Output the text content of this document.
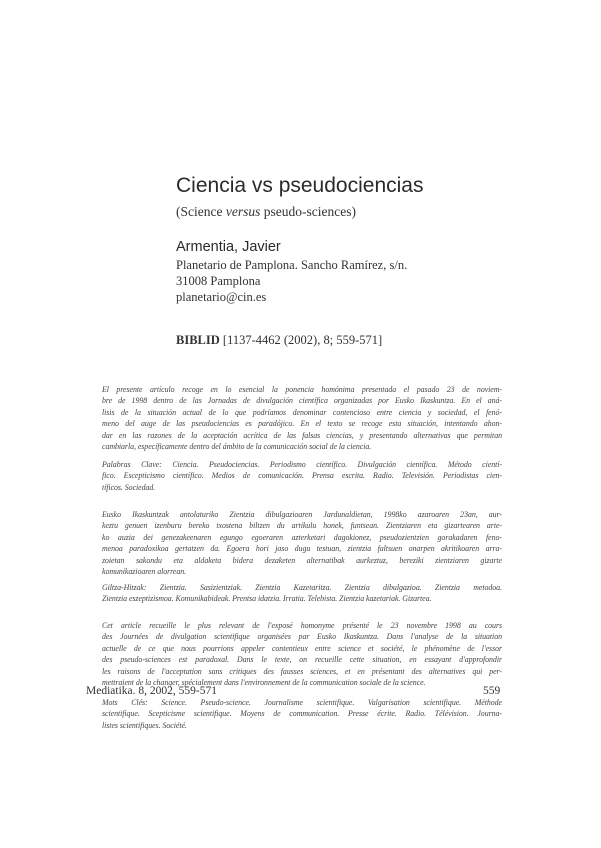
Ciencia vs pseudociencias
(Science versus pseudo-sciences)
Armentia, Javier
Planetario de Pamplona. Sancho Ramírez, s/n.
31008 Pamplona
planetario@cin.es
BIBLID [1137-4462 (2002), 8; 559-571]
El presente artículo recoge en lo esencial la ponencia homónima presentada el pasado 23 de noviem-
bre de 1998 dentro de las Jornadas de divulgación científica organizadas por Eusko Ikaskuntza. En el aná-
lisis de la situación actual de lo que podríamos denominar contencioso entre ciencia y sociedad, el fenó-
meno del auge de las pseudociencias es paradójico. En el texto se recoge esta situación, intentando ahon-
dar en las razones de la aceptación acrítica de las falsas ciencias, y presentando alternativas que permitan
cambiarla, específicamente dentro del ámbito de la comunicación social de la ciencia.
Palabras Clave: Ciencia. Pseudociencias. Periodismo científico. Divulgación científica. Método cientí-
fico. Escepticismo científico. Medios de comunicación. Prensa escrita. Radio. Televisión. Periodistas cien-
tíficos. Sociedad.
Eusko Ikaskuntzak antolaturiko Zientzia dibulgazioaren Jardunaldietan, 1998ko azaroaren 23an, aur-
keztu genuen izenburu bereko txostena biltzen du artikulu honek, funtsean. Zientziaren eta gizartearen arte-
ko auzia dei genezakeenaren egungo egoeraren azterketari dagokionez, pseudozientzien gorakadaren feno-
menoa paradoxikoa gertatzen da. Egoera hori jaso dugu testuan, zientzia faltsuen onarpen akritikoaren arra-
zoietan sakondu eta aldaketa bidera dezaketen alternatibak aurkeztuz, bereziki zientziaren gizarte
komunikazioaren alorrean.
Giltza-Hitzak: Zientzia. Sasizientziak. Zientzia Kazetaritza. Zientzia dibulgazioa. Zientzia metodoa.
Zientzia eszeptizismoa. Komunikabideak. Prentsa idatzia. Irratia. Telebista. Zientzia kazetariak. Gizartea.
Cet article recueille le plus relevant de l'exposé homonyme présenté le 23 novembre 1998 au cours
des Journées de divulgation scientifique organisées par Eusko Ikaskuntza. Dans l'analyse de la situation
actuelle de ce que nous pourrions appeler contentieux entre science et société, le phénomène de l'essor
des pseudo-sciences est paradoxal. Dans le texte, on recueille cette situation, en essayant d'approfondir
les raisons de l'acceptation sans critiques des fausses sciences, et en présentant des alternatives qui per-
mettraient de la changer, spécialement dans l'environnement de la communication sociale de la science.
Mots Clés: Science. Pseudo-science. Journalisme scientifique. Valgarisation scientifique. Méthode
scientifique. Scepticisme scientifique. Moyens de communication. Presse écrite. Radio. Télévision. Journa-
listes scientifiques. Société.
Mediatika. 8, 2002, 559-571	559
